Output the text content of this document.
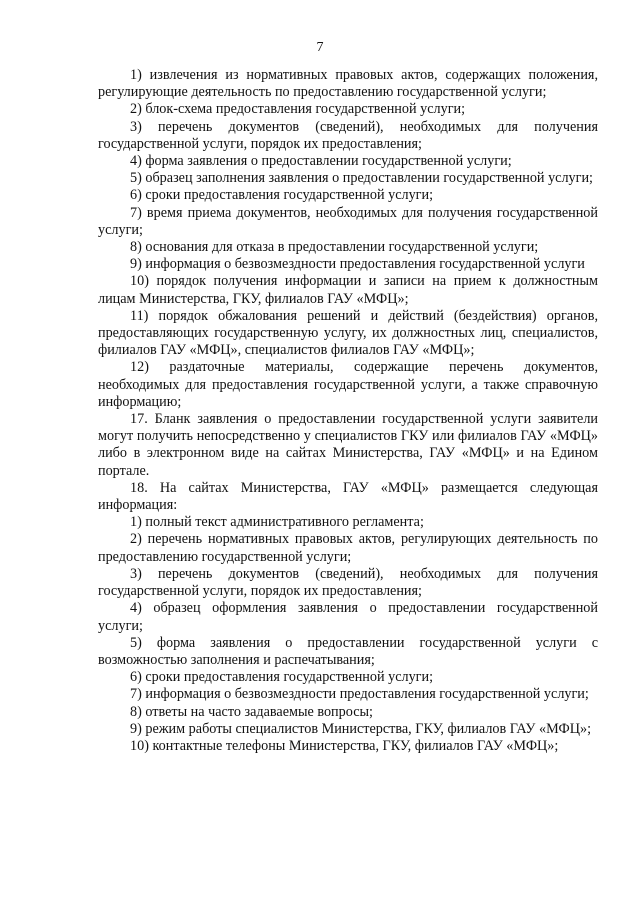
7

1) извлечения из нормативных правовых актов, содержащих положения, регулирующие деятельность по предоставлению государственной услуги;

2) блок-схема предоставления государственной услуги;

3) перечень документов (сведений), необходимых для получения государственной услуги, порядок их предоставления;

4) форма заявления о предоставлении государственной услуги;

5) образец заполнения заявления о предоставлении государственной услуги;

6) сроки предоставления государственной услуги;

7) время приема документов, необходимых для получения государственной услуги;

8) основания для отказа в предоставлении государственной услуги;

9) информация о безвозмездности предоставления государственной услуги

10) порядок получения информации и записи на прием к должностным лицам Министерства, ГКУ, филиалов ГАУ «МФЦ»;

11) порядок обжалования решений и действий (бездействия) органов, предоставляющих государственную услугу, их должностных лиц, специалистов, филиалов ГАУ «МФЦ», специалистов филиалов ГАУ «МФЦ»;

12) раздаточные материалы, содержащие перечень документов, необходимых для предоставления государственной услуги, а также справочную информацию;

17. Бланк заявления о предоставлении государственной услуги заявители могут получить непосредственно у специалистов ГКУ или филиалов ГАУ «МФЦ» либо в электронном виде на сайтах Министерства, ГАУ «МФЦ» и на Едином портале.

18. На сайтах Министерства, ГАУ «МФЦ» размещается следующая информация:

1) полный текст административного регламента;

2) перечень нормативных правовых актов, регулирующих деятельность по предоставлению государственной услуги;

3) перечень документов (сведений), необходимых для получения государственной услуги, порядок их предоставления;

4) образец оформления заявления о предоставлении государственной услуги;

5) форма заявления о предоставлении государственной услуги с возможностью заполнения и распечатывания;

6) сроки предоставления государственной услуги;

7) информация о безвозмездности предоставления государственной услуги;

8) ответы на часто задаваемые вопросы;

9) режим работы специалистов Министерства, ГКУ, филиалов ГАУ «МФЦ»;

10) контактные телефоны Министерства, ГКУ, филиалов ГАУ «МФЦ»;
